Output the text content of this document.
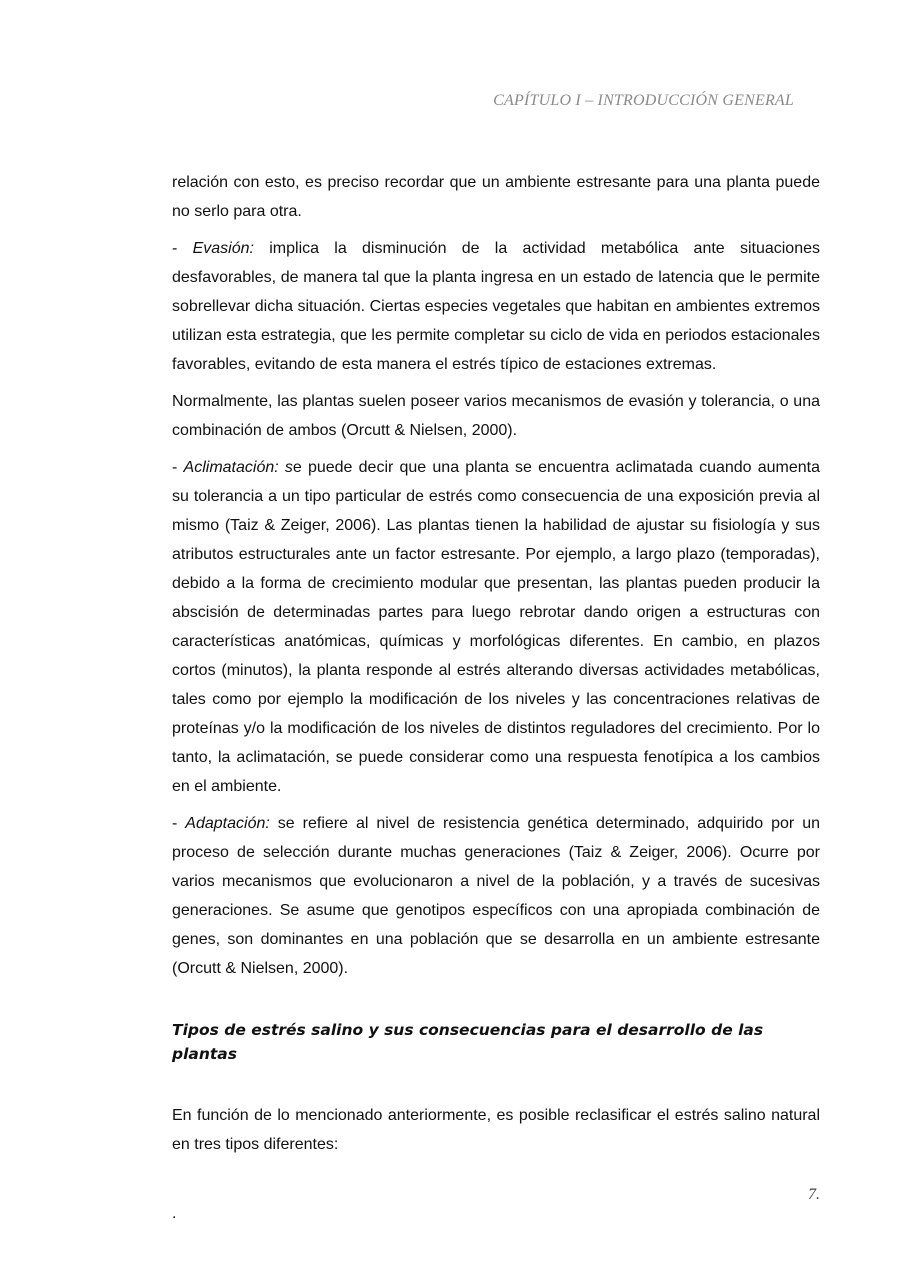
CAPÍTULO I – INTRODUCCIÓN GENERAL

relación con esto, es preciso recordar que un ambiente estresante para una planta puede no serlo para otra.

- Evasión: implica la disminución de la actividad metabólica ante situaciones desfavorables, de manera tal que la planta ingresa en un estado de latencia que le permite sobrellevar dicha situación. Ciertas especies vegetales que habitan en ambientes extremos utilizan esta estrategia, que les permite completar su ciclo de vida en periodos estacionales favorables, evitando de esta manera el estrés típico de estaciones extremas.

Normalmente, las plantas suelen poseer varios mecanismos de evasión y tolerancia, o una combinación de ambos (Orcutt & Nielsen, 2000).

- Aclimatación: se puede decir que una planta se encuentra aclimatada cuando aumenta su tolerancia a un tipo particular de estrés como consecuencia de una exposición previa al mismo (Taiz & Zeiger, 2006). Las plantas tienen la habilidad de ajustar su fisiología y sus atributos estructurales ante un factor estresante. Por ejemplo, a largo plazo (temporadas), debido a la forma de crecimiento modular que presentan, las plantas pueden producir la abscisión de determinadas partes para luego rebrotar dando origen a estructuras con características anatómicas, químicas y morfológicas diferentes. En cambio, en plazos cortos (minutos), la planta responde al estrés alterando diversas actividades metabólicas, tales como por ejemplo la modificación de los niveles y las concentraciones relativas de proteínas y/o la modificación de los niveles de distintos reguladores del crecimiento. Por lo tanto, la aclimatación, se puede considerar como una respuesta fenotípica a los cambios en el ambiente.

- Adaptación: se refiere al nivel de resistencia genética determinado, adquirido por un proceso de selección durante muchas generaciones (Taiz & Zeiger, 2006). Ocurre por varios mecanismos que evolucionaron a nivel de la población, y a través de sucesivas generaciones. Se asume que genotipos específicos con una apropiada combinación de genes, son dominantes en una población que se desarrolla en un ambiente estresante (Orcutt & Nielsen, 2000).

Tipos de estrés salino y sus consecuencias para el desarrollo de las plantas

En función de lo mencionado anteriormente, es posible reclasificar el estrés salino natural en tres tipos diferentes:

7.
.
